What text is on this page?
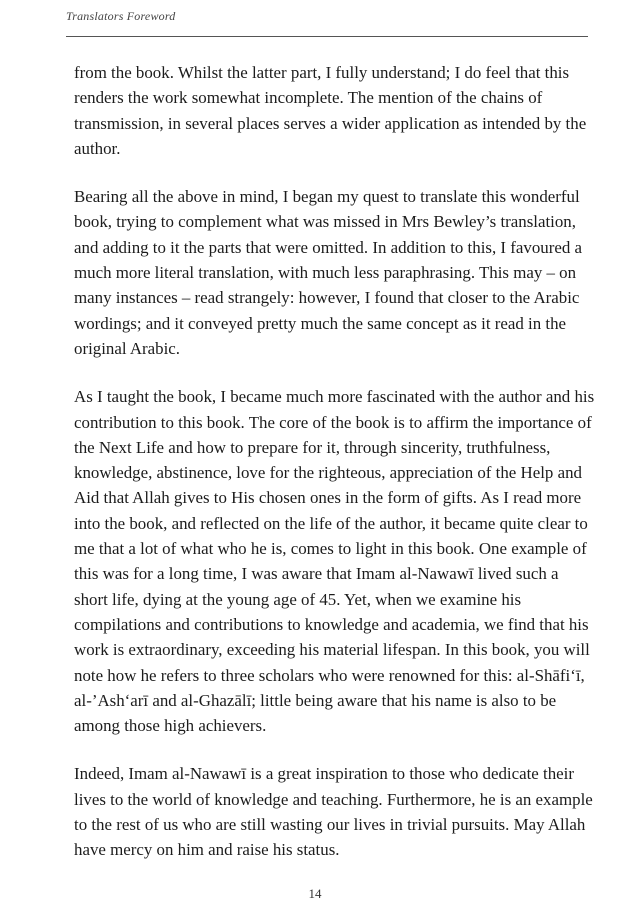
Translators Foreword

from the book. Whilst the latter part, I fully understand; I do feel that this renders the work somewhat incomplete. The mention of the chains of transmission, in several places serves a wider application as intended by the author.

Bearing all the above in mind, I began my quest to translate this wonderful book, trying to complement what was missed in Mrs Bewley’s translation, and adding to it the parts that were omitted. In addition to this, I favoured a much more literal translation, with much less paraphrasing. This may – on many instances – read strangely: however, I found that closer to the Arabic wordings; and it conveyed pretty much the same concept as it read in the original Arabic.

As I taught the book, I became much more fascinated with the author and his contribution to this book. The core of the book is to affirm the importance of the Next Life and how to prepare for it, through sincerity, truthfulness, knowledge, abstinence, love for the righteous, appreciation of the Help and Aid that Allah gives to His chosen ones in the form of gifts. As I read more into the book, and reflected on the life of the author, it became quite clear to me that a lot of what who he is, comes to light in this book. One example of this was for a long time, I was aware that Imam al-Nawawī lived such a short life, dying at the young age of 45. Yet, when we examine his compilations and contributions to knowledge and academia, we find that his work is extraordinary, exceeding his material lifespan. In this book, you will note how he refers to three scholars who were renowned for this: al-Shāfi‘ī, al-’Ash‘arī and al-Ghazālī; little being aware that his name is also to be among those high achievers.

Indeed, Imam al-Nawawī is a great inspiration to those who dedicate their lives to the world of knowledge and teaching. Furthermore, he is an example to the rest of us who are still wasting our lives in trivial pursuits. May Allah have mercy on him and raise his status.

14
